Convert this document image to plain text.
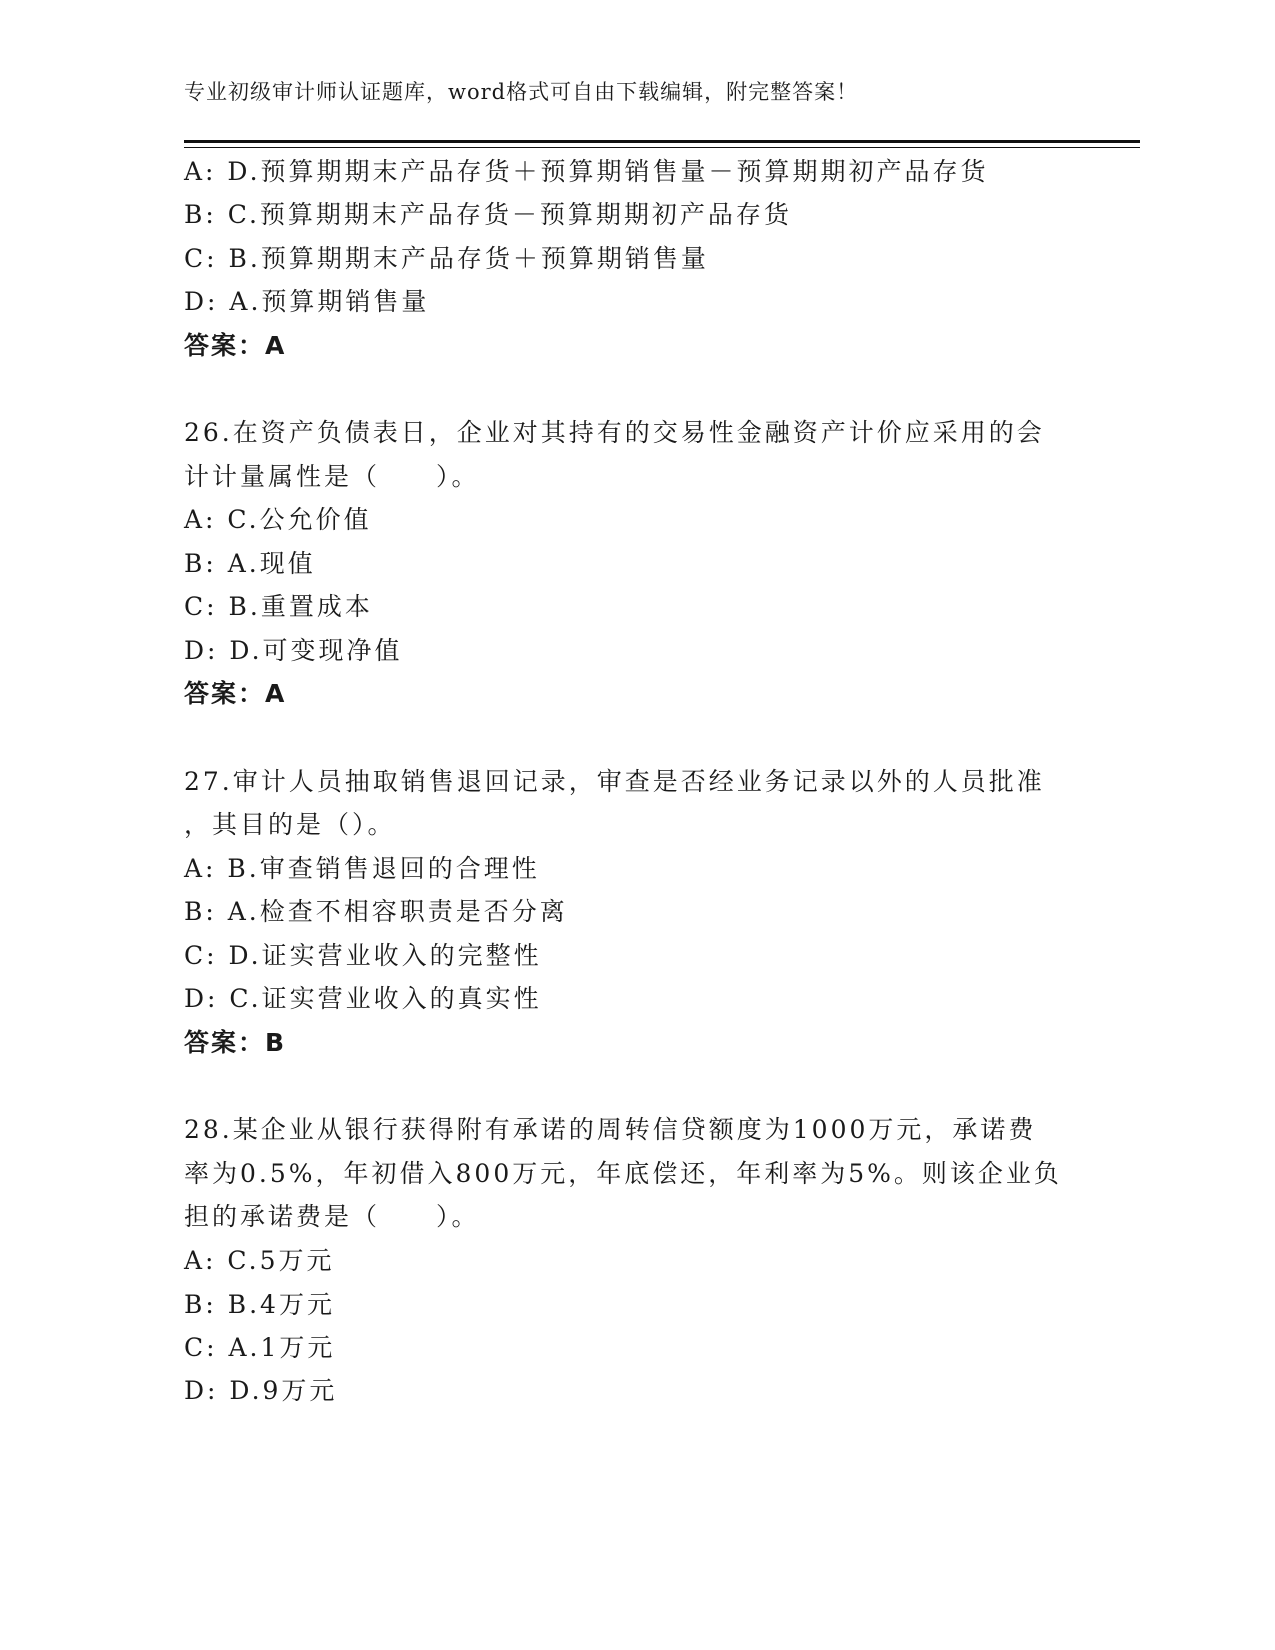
专业初级审计师认证题库，word格式可自由下载编辑，附完整答案！
A: D.预算期期末产品存货＋预算期销售量－预算期期初产品存货
B: C.预算期期末产品存货－预算期期初产品存货
C: B.预算期期末产品存货＋预算期销售量
D: A.预算期销售量
答案：A
26.在资产负债表日，企业对其持有的交易性金融资产计价应采用的会
计计量属性是（　　）。
A: C.公允价值
B: A.现值
C: B.重置成本
D: D.可变现净值
答案：A
27.审计人员抽取销售退回记录，审查是否经业务记录以外的人员批准
，其目的是（）。
A: B.审查销售退回的合理性
B: A.检查不相容职责是否分离
C: D.证实营业收入的完整性
D: C.证实营业收入的真实性
答案：B
28.某企业从银行获得附有承诺的周转信贷额度为1000万元，承诺费
率为0.5%，年初借入800万元，年底偿还，年利率为5%。则该企业负
担的承诺费是（　　）。
A: C.5万元
B: B.4万元
C: A.1万元
D: D.9万元
